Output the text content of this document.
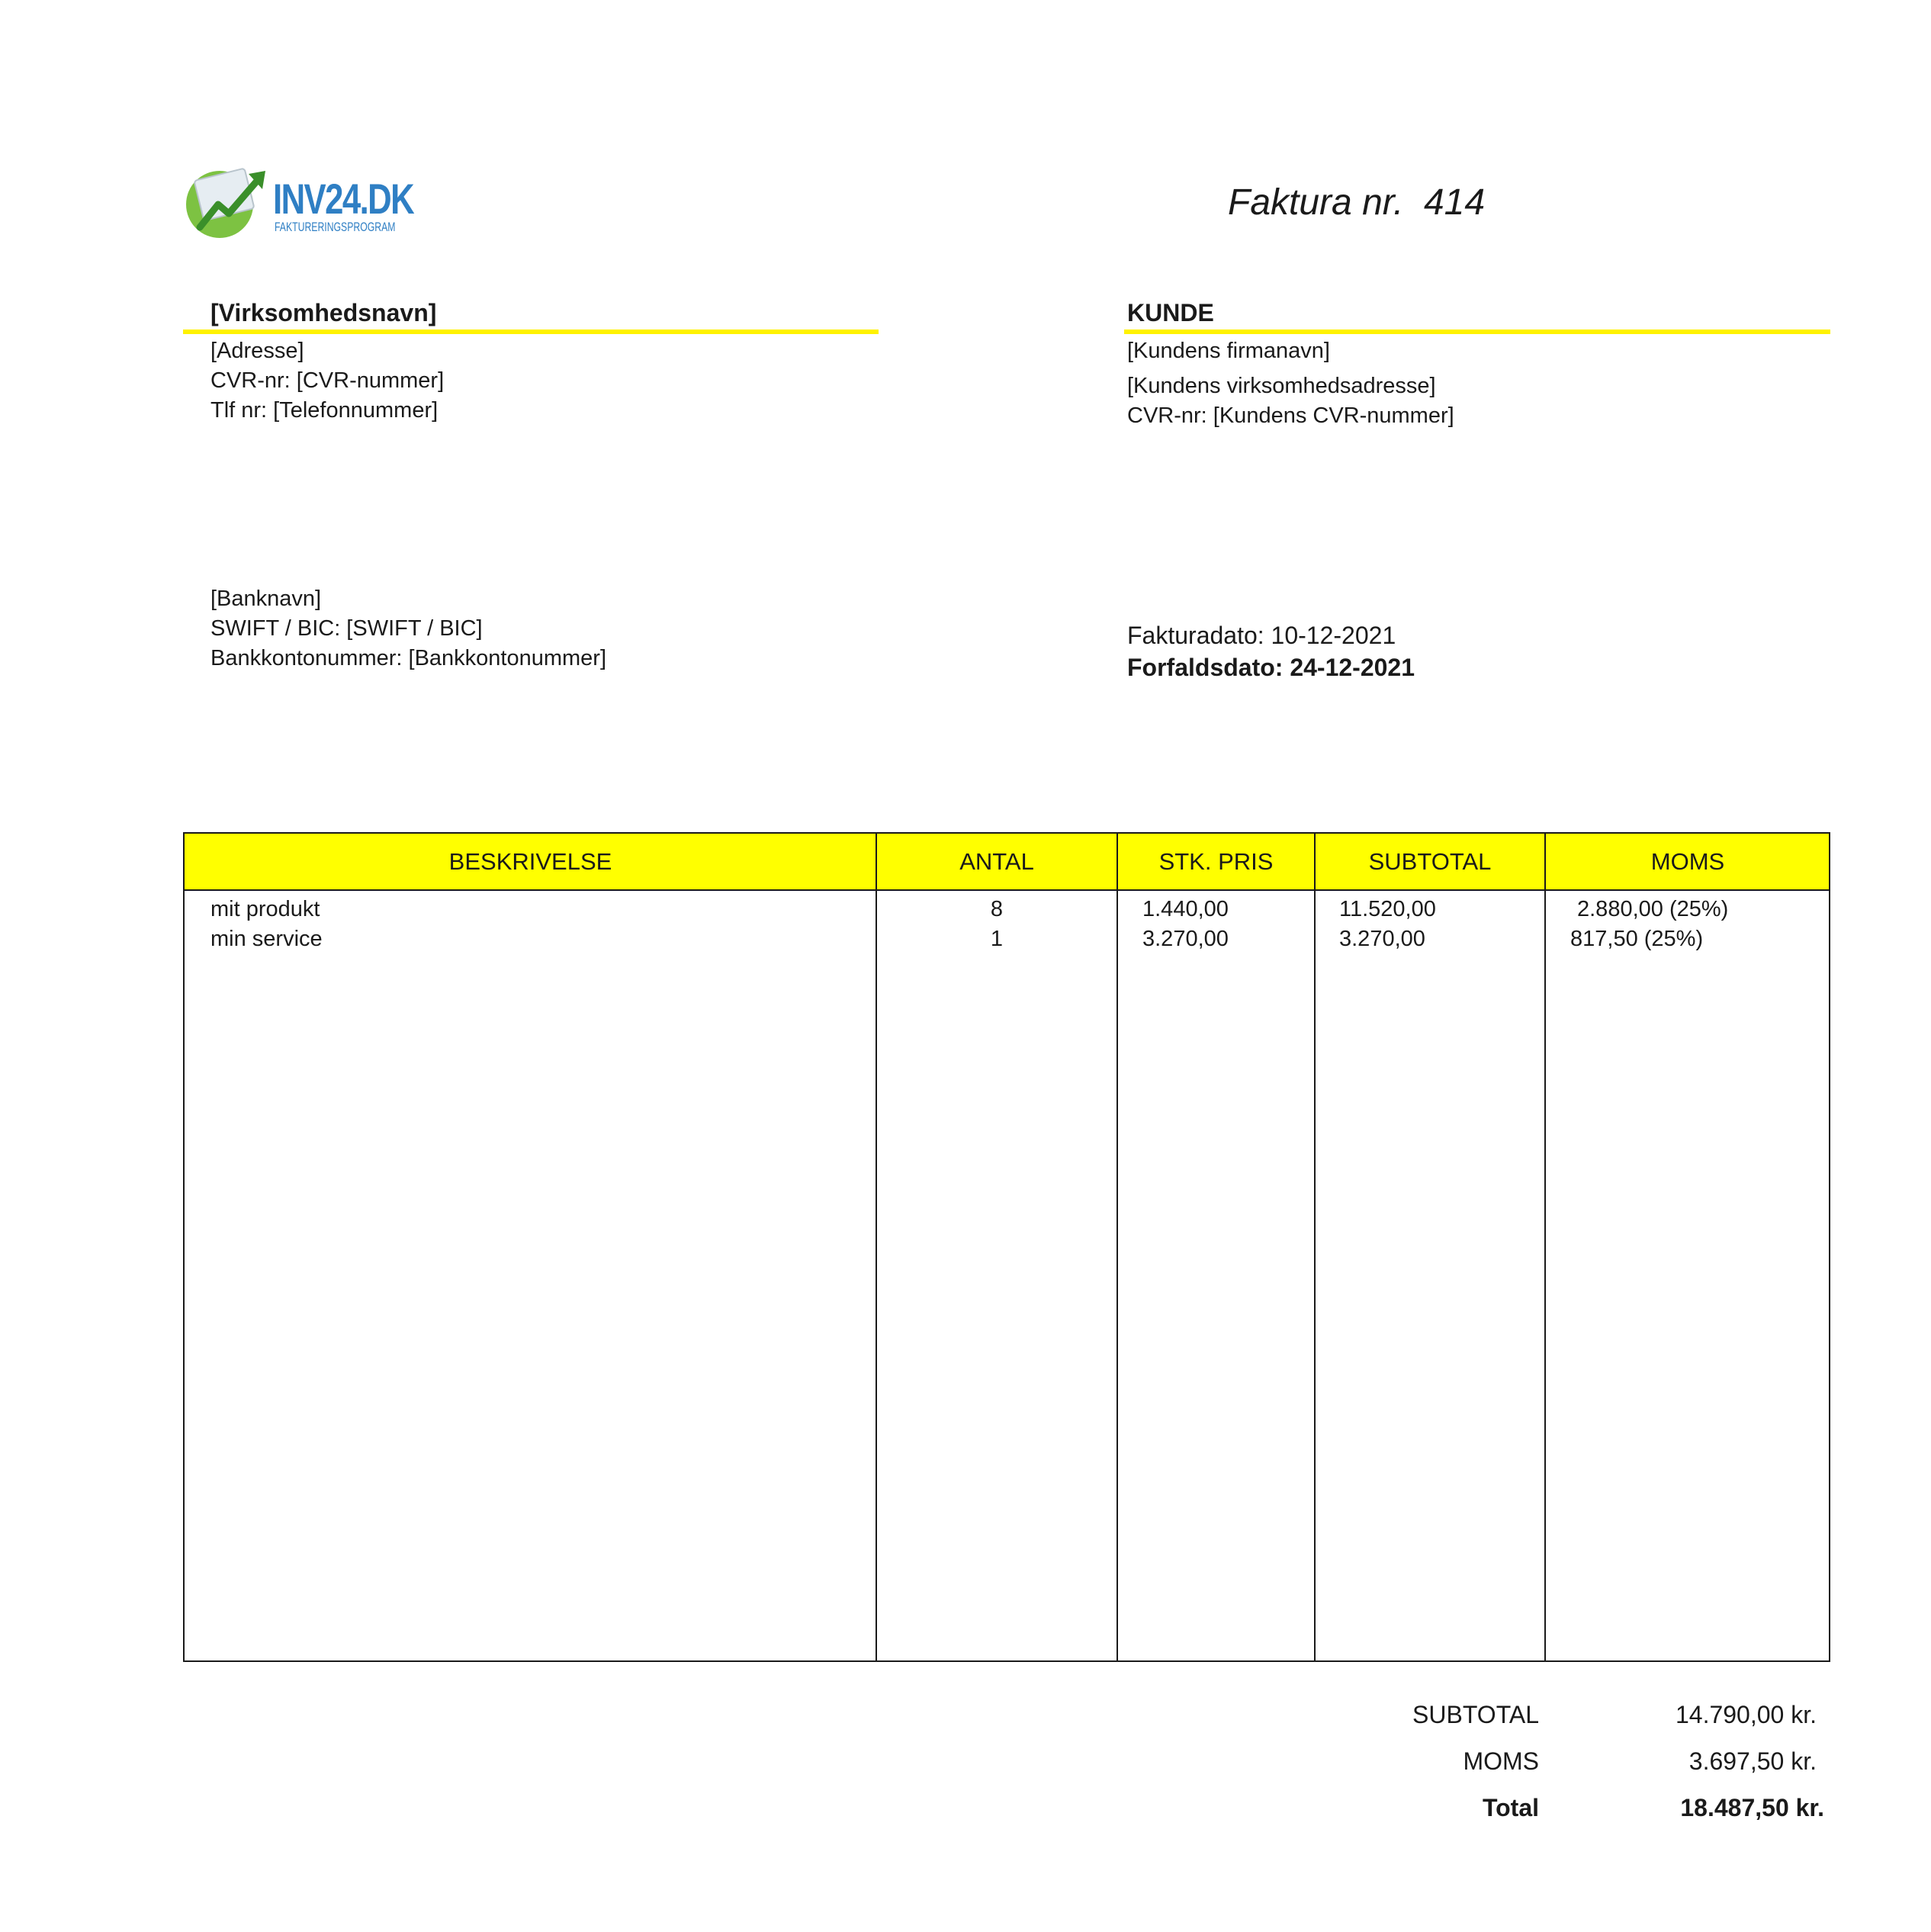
INV24.DK
FAKTURERINGSPROGRAM
Faktura nr. 414
[Virksomhedsnavn]
[Adresse]
CVR-nr: [CVR-nummer]
Tlf nr: [Telefonnummer]
KUNDE
[Kundens firmanavn]
[Kundens virksomhedsadresse]
CVR-nr: [Kundens CVR-nummer]
[Banknavn]
SWIFT / BIC: [SWIFT / BIC]
Bankkontonummer: [Bankkontonummer]
Fakturadato: 10-12-2021
Forfaldsdato: 24-12-2021
BESKRIVELSE	ANTAL	STK. PRIS	SUBTOTAL	MOMS
mit produkt	8	1.440,00	11.520,00	2.880,00 (25%)
min service	1	3.270,00	3.270,00	817,50 (25%)
SUBTOTAL	14.790,00 kr.
MOMS	3.697,50 kr.
Total	18.487,50 kr.
